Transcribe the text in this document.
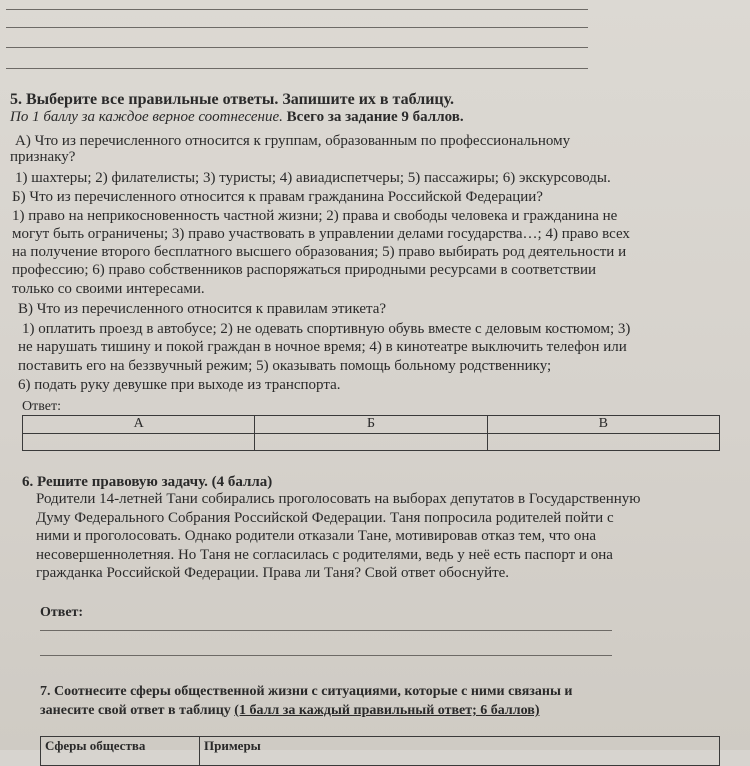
5. Выберите все правильные ответы. Запишите их в таблицу.
По 1 баллу за каждое верное соотнесение. Всего за задание 9 баллов.
А) Что из перечисленного относится к группам, образованным по профессиональному
признаку?
1) шахтеры; 2) филателисты; 3) туристы; 4) авиадиспетчеры; 5) пассажиры; 6) экскурсоводы.
Б) Что из перечисленного относится к правам гражданина Российской Федерации?
1) право на неприкосновенность частной жизни; 2) права и свободы человека и гражданина не
могут быть ограничены; 3) право участвовать в управлении делами государства…; 4) право всех
на получение второго бесплатного высшего образования; 5) право выбирать род деятельности и
профессию; 6) право собственников распоряжаться природными ресурсами в соответствии
только со своими интересами.
В) Что из перечисленного относится к правилам этикета?
1) оплатить проезд в автобусе; 2) не одевать спортивную обувь вместе с деловым костюмом; 3)
не нарушать тишину и покой граждан в ночное время; 4) в кинотеатре выключить телефон или
поставить его на беззвучный режим; 5) оказывать помощь больному родственнику;
6) подать руку девушке при выходе из транспорта.
Ответ:
А	Б	В

6. Решите правовую задачу. (4 балла)
Родители 14-летней Тани собирались проголосовать на выборах депутатов в Государственную
Думу Федерального Собрания Российской Федерации. Таня попросила родителей пойти с
ними и проголосовать. Однако родители отказали Тане, мотивировав отказ тем, что она
несовершеннолетняя. Но Таня не согласилась с родителями, ведь у неё есть паспорт и она
гражданка Российской Федерации. Права ли Таня? Свой ответ обоснуйте.
Ответ:
7. Соотнесите сферы общественной жизни с ситуациями, которые с ними связаны и
занесите свой ответ в таблицу (1 балл за каждый правильный ответ; 6 баллов)
Сферы общества	Примеры
